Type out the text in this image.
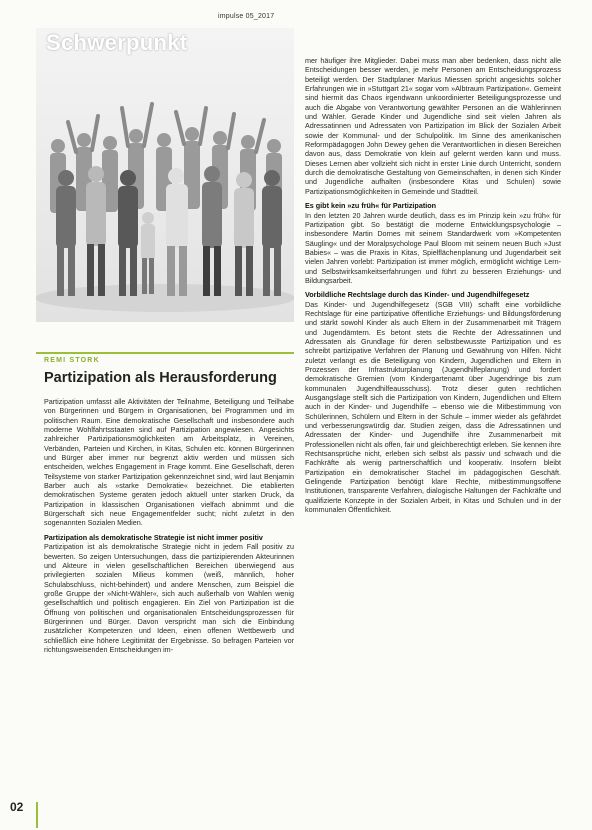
impulse 05_2017
Schwerpunkt
REMI STORK
Partizipation als Herausforderung

Partizipation umfasst alle Aktivitäten der Teilnahme, Beteiligung und Teilhabe von Bürgerinnen und Bürgern in Organisationen, bei Programmen und im politischen Raum. Eine demokratische Gesellschaft und insbesondere auch moderne Wohlfahrtsstaaten sind auf Partizipation angewiesen. Angesichts zahlreicher Partizipationsmöglichkeiten am Arbeitsplatz, in Vereinen, Verbänden, Parteien und Kirchen, in Kitas, Schulen etc. können Bürgerinnen und Bürger aber immer nur begrenzt aktiv werden und müssen sich entscheiden, welches Engagement in Frage kommt. Eine Gesellschaft, deren Teilsysteme von starker Partizipation gekennzeichnet sind, wird laut Benjamin Barber auch als »starke Demokratie« bezeichnet. Die etablierten demokratischen Systeme geraten jedoch aktuell unter starken Druck, da Partizipation in klassischen Organisationen vielfach abnimmt und die Bürgerschaft sich neue Engagementfelder sucht; nicht zuletzt in den sogenannten Sozialen Medien.

Partizipation als demokratische Strategie ist nicht immer positiv

Partizipation ist als demokratische Strategie nicht in jedem Fall positiv zu bewerten. So zeigen Untersuchungen, dass die partizipierenden Akteurinnen und Akteure in vielen gesellschaftlichen Bereichen überwiegend aus privilegierten sozialen Milieus kommen (weiß, männlich, hoher Schulabschluss, nicht-behindert) und andere Menschen, zum Beispiel die große Gruppe der »Nicht-Wähler«, sich auch außerhalb von Wahlen wenig gesellschaftlich und politisch engagieren. Ein Ziel von Partizipation ist die Öffnung von politischen und organisationalen Entscheidungsprozessen für Bürgerinnen und Bürger. Davon verspricht man sich die Einbindung zusätzlicher Kompetenzen und Ideen, einen offenen Wettbewerb und schließlich eine höhere Legitimität der Ergebnisse. So befragen Parteien vor richtungsweisenden Entscheidungen im-

mer häufiger ihre Mitglieder. Dabei muss man aber bedenken, dass nicht alle Entscheidungen besser werden, je mehr Personen am Entscheidungsprozess beteiligt werden. Der Stadtplaner Markus Miessen spricht angesichts solcher Erfahrungen wie in »Stuttgart 21« sogar vom »Albtraum Partizipation«. Gemeint sind hiermit das Chaos irgendwann unkoordinierter Beteiligungsprozesse und auch die Abgabe von Verantwortung gewählter Personen an die Wählerinnen und Wähler. Gerade Kinder und Jugendliche sind seit vielen Jahren als Adressatinnen und Adressaten von Partizipation im Blick der Sozialen Arbeit sowie der Kommunal- und der Schulpolitik. Im Sinne des amerikanischen Reformpädagogen John Dewey gehen die Verantwortlichen in diesen Bereichen davon aus, dass Demokratie von klein auf gelernt werden kann und muss. Dieses Lernen aber vollzieht sich nicht in erster Linie durch Unterricht, sondern durch die demokratische Gestaltung von Gemeinschaften, in denen sich Kinder und Jugendliche aufhalten (insbesondere Kitas und Schulen) sowie Partizipationsmöglichkeiten in Gemeinde und Stadtteil.

Es gibt kein »zu früh« für Partizipation

In den letzten 20 Jahren wurde deutlich, dass es im Prinzip kein »zu früh« für Partizipation gibt. So bestätigt die moderne Entwicklungspsychologie – insbesondere Martin Dornes mit seinem Standardwerk vom »Kompetenten Säugling« und der Moralpsychologe Paul Bloom mit seinem neuen Buch »Just Babies« – was die Praxis in Kitas, Spielflächenplanung und Jugendarbeit seit vielen Jahren vorlebt: Partizipation ist immer möglich, ermöglicht wichtige Lern- und Selbstwirksamkeitserfahrungen und führt zu besseren Erziehungs- und Bildungsarbeit.

Vorbildliche Rechtslage durch das Kinder- und Jugendhilfegesetz

Das Kinder- und Jugendhilfegesetz (SGB VIII) schafft eine vorbildliche Rechtslage für eine partizipative öffentliche Erziehungs- und Bildungsförderung und stärkt sowohl Kinder als auch Eltern in der Zusammenarbeit mit Trägern und Jugendämtern. Es betont stets die Rechte der Adressatinnen und Adressaten als Grundlage für deren selbstbewusste Partizipation und es schreibt partizipative Verfahren der Planung und Gewährung von Hilfen. Nicht zuletzt verlangt es die Beteiligung von Kindern, Jugendlichen und Eltern in Prozessen der Infrastrukturplanung (Jugendhilfeplanung) und fordert demokratische Gremien (vom Kindergartenamt über Jugendringe bis zum kommunalen Jugendhilfeausschuss). Trotz dieser guten rechtlichen Ausgangslage stellt sich die Partizipation von Kindern, Jugendlichen und Eltern auch in der Kinder- und Jugendhilfe – ebenso wie die Mitbestimmung von Schülerinnen, Schülern und Eltern in der Schule – immer wieder als gefährdet und verbesserungswürdig dar. Studien zeigen, dass die Adressatinnen und Adressaten der Kinder- und Jugendhilfe ihre Zusammenarbeit mit Professionellen nicht als offen, fair und gleichberechtigt erleben. Sie kennen ihre Rechtsansprüche nicht, erleben sich selbst als passiv und schwach und die Fachkräfte als wenig partnerschaftlich und kooperativ. Insofern bleibt Partizipation ein demokratischer Stachel im pädagogischen Geschäft. Gelingende Partizipation benötigt klare Rechte, mitbestimmungsoffene Institutionen, transparente Verfahren, dialogische Haltungen der Fachkräfte und qualifizierte Konzepte in der Sozialen Arbeit, in Kitas und Schulen und in der kommunalen Öffentlichkeit.

02
